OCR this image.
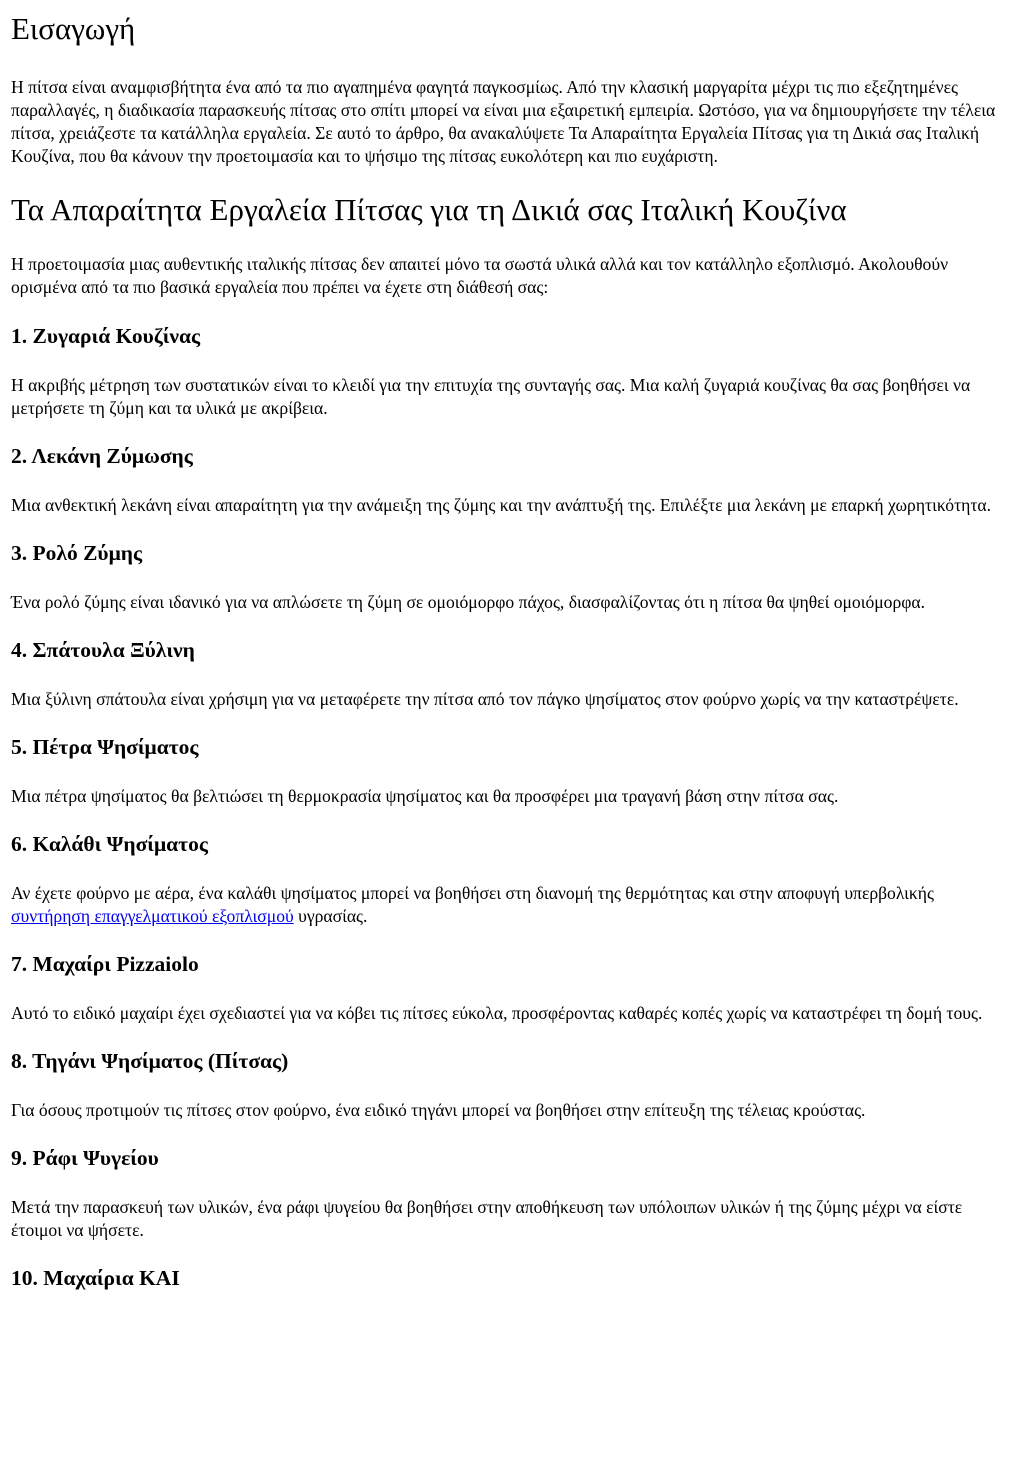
Εισαγωγή

Η πίτσα είναι αναμφισβήτητα ένα από τα πιο αγαπημένα φαγητά παγκοσμίως. Από την κλασική μαργαρίτα μέχρι τις πιο εξεζητημένες παραλλαγές, η διαδικασία παρασκευής πίτσας στο σπίτι μπορεί να είναι μια εξαιρετική εμπειρία. Ωστόσο, για να δημιουργήσετε την τέλεια πίτσα, χρειάζεστε τα κατάλληλα εργαλεία. Σε αυτό το άρθρο, θα ανακαλύψετε Τα Απαραίτητα Εργαλεία Πίτσας για τη Δικιά σας Ιταλική Κουζίνα, που θα κάνουν την προετοιμασία και το ψήσιμο της πίτσας ευκολότερη και πιο ευχάριστη.

Τα Απαραίτητα Εργαλεία Πίτσας για τη Δικιά σας Ιταλική Κουζίνα

Η προετοιμασία μιας αυθεντικής ιταλικής πίτσας δεν απαιτεί μόνο τα σωστά υλικά αλλά και τον κατάλληλο εξοπλισμό. Ακολουθούν ορισμένα από τα πιο βασικά εργαλεία που πρέπει να έχετε στη διάθεσή σας:

1. Ζυγαριά Κουζίνας

Η ακριβής μέτρηση των συστατικών είναι το κλειδί για την επιτυχία της συνταγής σας. Μια καλή ζυγαριά κουζίνας θα σας βοηθήσει να μετρήσετε τη ζύμη και τα υλικά με ακρίβεια.

2. Λεκάνη Ζύμωσης

Μια ανθεκτική λεκάνη είναι απαραίτητη για την ανάμειξη της ζύμης και την ανάπτυξή της. Επιλέξτε μια λεκάνη με επαρκή χωρητικότητα.

3. Ρολό Ζύμης

Ένα ρολό ζύμης είναι ιδανικό για να απλώσετε τη ζύμη σε ομοιόμορφο πάχος, διασφαλίζοντας ότι η πίτσα θα ψηθεί ομοιόμορφα.

4. Σπάτουλα Ξύλινη

Μια ξύλινη σπάτουλα είναι χρήσιμη για να μεταφέρετε την πίτσα από τον πάγκο ψησίματος στον φούρνο χωρίς να την καταστρέψετε.

5. Πέτρα Ψησίματος

Μια πέτρα ψησίματος θα βελτιώσει τη θερμοκρασία ψησίματος και θα προσφέρει μια τραγανή βάση στην πίτσα σας.

6. Καλάθι Ψησίματος

Αν έχετε φούρνο με αέρα, ένα καλάθι ψησίματος μπορεί να βοηθήσει στη διανομή της θερμότητας και στην αποφυγή υπερβολικής συντήρηση επαγγελματικού εξοπλισμού υγρασίας.

7. Μαχαίρι Pizzaiolo

Αυτό το ειδικό μαχαίρι έχει σχεδιαστεί για να κόβει τις πίτσες εύκολα, προσφέροντας καθαρές κοπές χωρίς να καταστρέφει τη δομή τους.

8. Τηγάνι Ψησίματος (Πίτσας)

Για όσους προτιμούν τις πίτσες στον φούρνο, ένα ειδικό τηγάνι μπορεί να βοηθήσει στην επίτευξη της τέλειας κρούστας.

9. Ράφι Ψυγείου

Μετά την παρασκευή των υλικών, ένα ράφι ψυγείου θα βοηθήσει στην αποθήκευση των υπόλοιπων υλικών ή της ζύμης μέχρι να είστε έτοιμοι να ψήσετε.

10. Μαχαίρια ΚΑΙ
